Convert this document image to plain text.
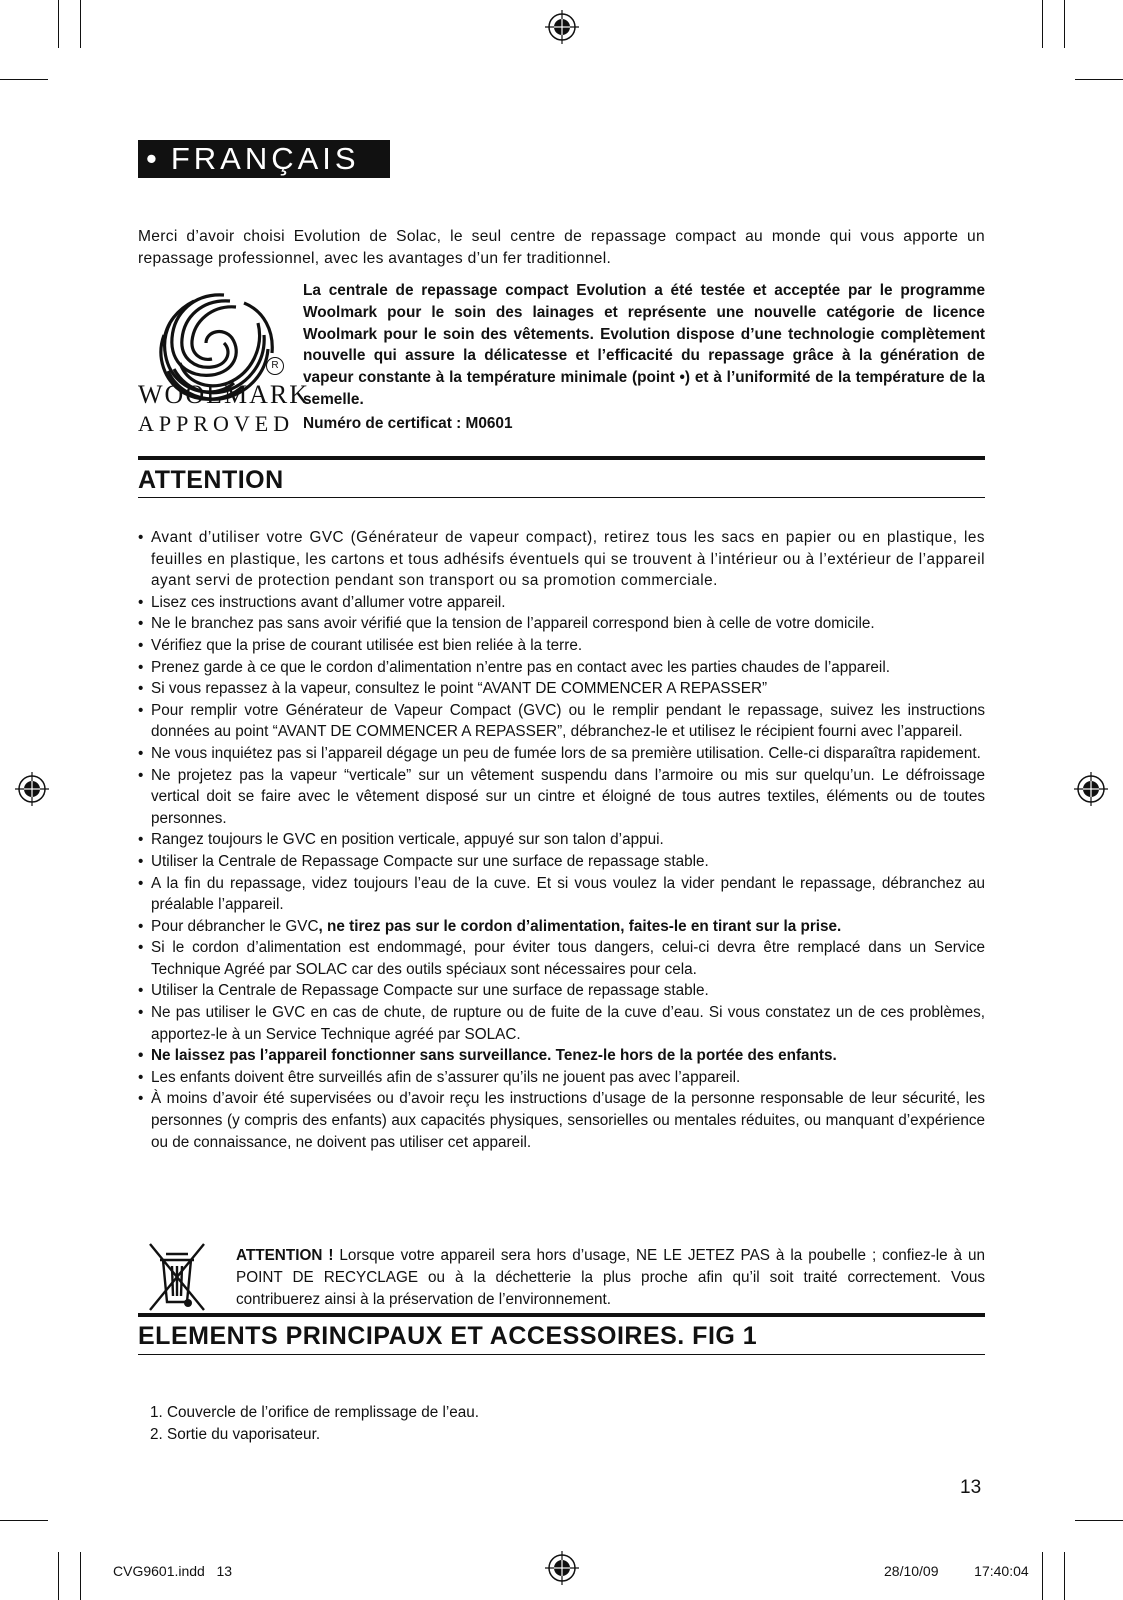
• FRANÇAIS
Merci d’avoir choisi Evolution de Solac, le seul centre de repassage compact au monde qui vous apporte un repassage professionnel, avec les avantages d’un fer traditionnel.
R
WOOLMARK
APPROVED
La centrale de repassage compact Evolution a été testée et acceptée par le programme Woolmark pour le soin des lainages et représente une nouvelle catégorie de licence Woolmark pour le soin des vêtements. Evolution dispose d’une technologie complètement nouvelle qui assure la délicatesse et l’efficacité du repassage grâce à la génération de vapeur constante à la température minimale (point •) et à l’uniformité de la température de la semelle.
Numéro de certificat : M0601
ATTENTION
• Avant d’utiliser votre GVC (Générateur de vapeur compact), retirez tous les sacs en papier ou en plastique, les feuilles en plastique, les cartons et tous adhésifs éventuels qui se trouvent à l’intérieur ou à l’extérieur de l’appareil ayant servi de protection pendant son transport ou sa promotion commerciale.
• Lisez ces instructions avant d’allumer votre appareil.
• Ne le branchez pas sans avoir vérifié que la tension de l’appareil correspond bien à celle de votre domicile.
• Vérifiez que la prise de courant utilisée est bien reliée à la terre.
• Prenez garde à ce que le cordon d’alimentation n’entre pas en contact avec les parties chaudes de l’appareil.
• Si vous repassez à la vapeur, consultez le point “AVANT DE COMMENCER A REPASSER”
• Pour remplir votre Générateur de Vapeur Compact (GVC) ou le remplir pendant le repassage, suivez les instructions données au point “AVANT DE COMMENCER A REPASSER”, débranchez-le et utilisez le récipient fourni avec l’appareil.
• Ne vous inquiétez pas si l’appareil dégage un peu de fumée lors de sa première utilisation. Celle-ci disparaîtra rapidement.
• Ne projetez pas la vapeur “verticale” sur un vêtement suspendu dans l’armoire ou mis sur quelqu’un. Le défroissage vertical doit se faire avec le vêtement disposé sur un cintre et éloigné de tous autres textiles, éléments ou de toutes personnes.
• Rangez toujours le GVC en position verticale, appuyé sur son talon d’appui.
• Utiliser la Centrale de Repassage Compacte sur une surface de repassage stable.
• A la fin du repassage, videz toujours l’eau de la cuve. Et si vous voulez la vider pendant le repassage, débranchez au préalable l’appareil.
• Pour débrancher le GVC, ne tirez pas sur le cordon d’alimentation, faites-le en tirant sur la prise.
• Si le cordon d’alimentation est endommagé, pour éviter tous dangers, celui-ci devra être remplacé dans un Service Technique Agréé par SOLAC car des outils spéciaux sont nécessaires pour cela.
• Utiliser la Centrale de Repassage Compacte sur une surface de repassage stable.
• Ne pas utiliser le GVC en cas de chute, de rupture ou de fuite de la cuve d’eau. Si vous constatez un de ces problèmes, apportez-le à un Service Technique agréé par SOLAC.
• Ne laissez pas l’appareil fonctionner sans surveillance. Tenez-le hors de la portée des enfants.
• Les enfants doivent être surveillés afin de s’assurer qu’ils ne jouent pas avec l’appareil.
• À moins d’avoir été supervisées ou d’avoir reçu les instructions d’usage de la personne responsable de leur sécurité, les personnes (y compris des enfants) aux capacités physiques, sensorielles ou mentales réduites, ou manquant d’expérience ou de connaissance, ne doivent pas utiliser cet appareil.
ATTENTION ! Lorsque votre appareil sera hors d’usage, NE LE JETEZ PAS à la poubelle ; confiez-le à un POINT DE RECYCLAGE ou à la déchetterie la plus proche afin qu’il soit traité correctement. Vous contribuerez ainsi à la préservation de l’environnement.
ELEMENTS PRINCIPAUX ET ACCESSOIRES. FIG 1
1. Couvercle de l’orifice de remplissage de l’eau.
2. Sortie du vaporisateur.
13
CVG9601.indd   13	28/10/09   17:40:04
